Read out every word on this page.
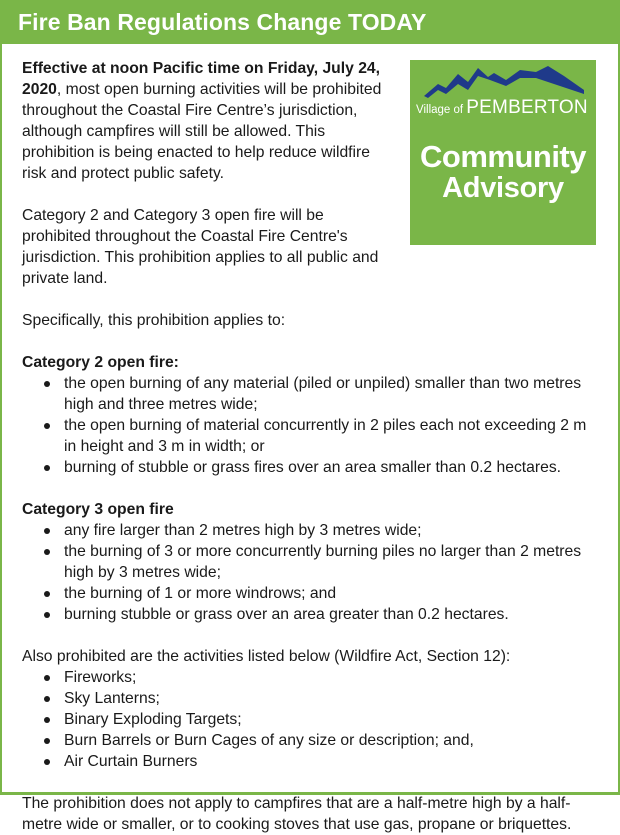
Fire Ban Regulations Change TODAY

Effective at noon Pacific time on Friday, July 24, 2020, most open burning activities will be prohibited throughout the Coastal Fire Centre’s jurisdiction, although campfires will still be allowed. This prohibition is being enacted to help reduce wildfire risk and protect public safety.

Category 2 and Category 3 open fire will be prohibited throughout the Coastal Fire Centre's jurisdiction. This prohibition applies to all public and private land.

Village of PEMBERTON
Community
Advisory

Specifically, this prohibition applies to:

Category 2 open fire:
the open burning of any material (piled or unpiled) smaller than two metres high and three metres wide;
the open burning of material concurrently in 2 piles each not exceeding 2 m in height and 3 m in width; or
burning of stubble or grass fires over an area smaller than 0.2 hectares.
Category 3 open fire
any fire larger than 2 metres high by 3 metres wide;
the burning of 3 or more concurrently burning piles no larger than 2 metres high by 3 metres wide;
the burning of 1 or more windrows; and
burning stubble or grass over an area greater than 0.2 hectares.

Also prohibited are the activities listed below (Wildfire Act, Section 12):

Fireworks;
Sky Lanterns;
Binary Exploding Targets;
Burn Barrels or Burn Cages of any size or description; and,
Air Curtain Burners

The prohibition does not apply to campfires that are a half-metre high by a half-metre wide or smaller, or to cooking stoves that use gas, propane or briquettes.
